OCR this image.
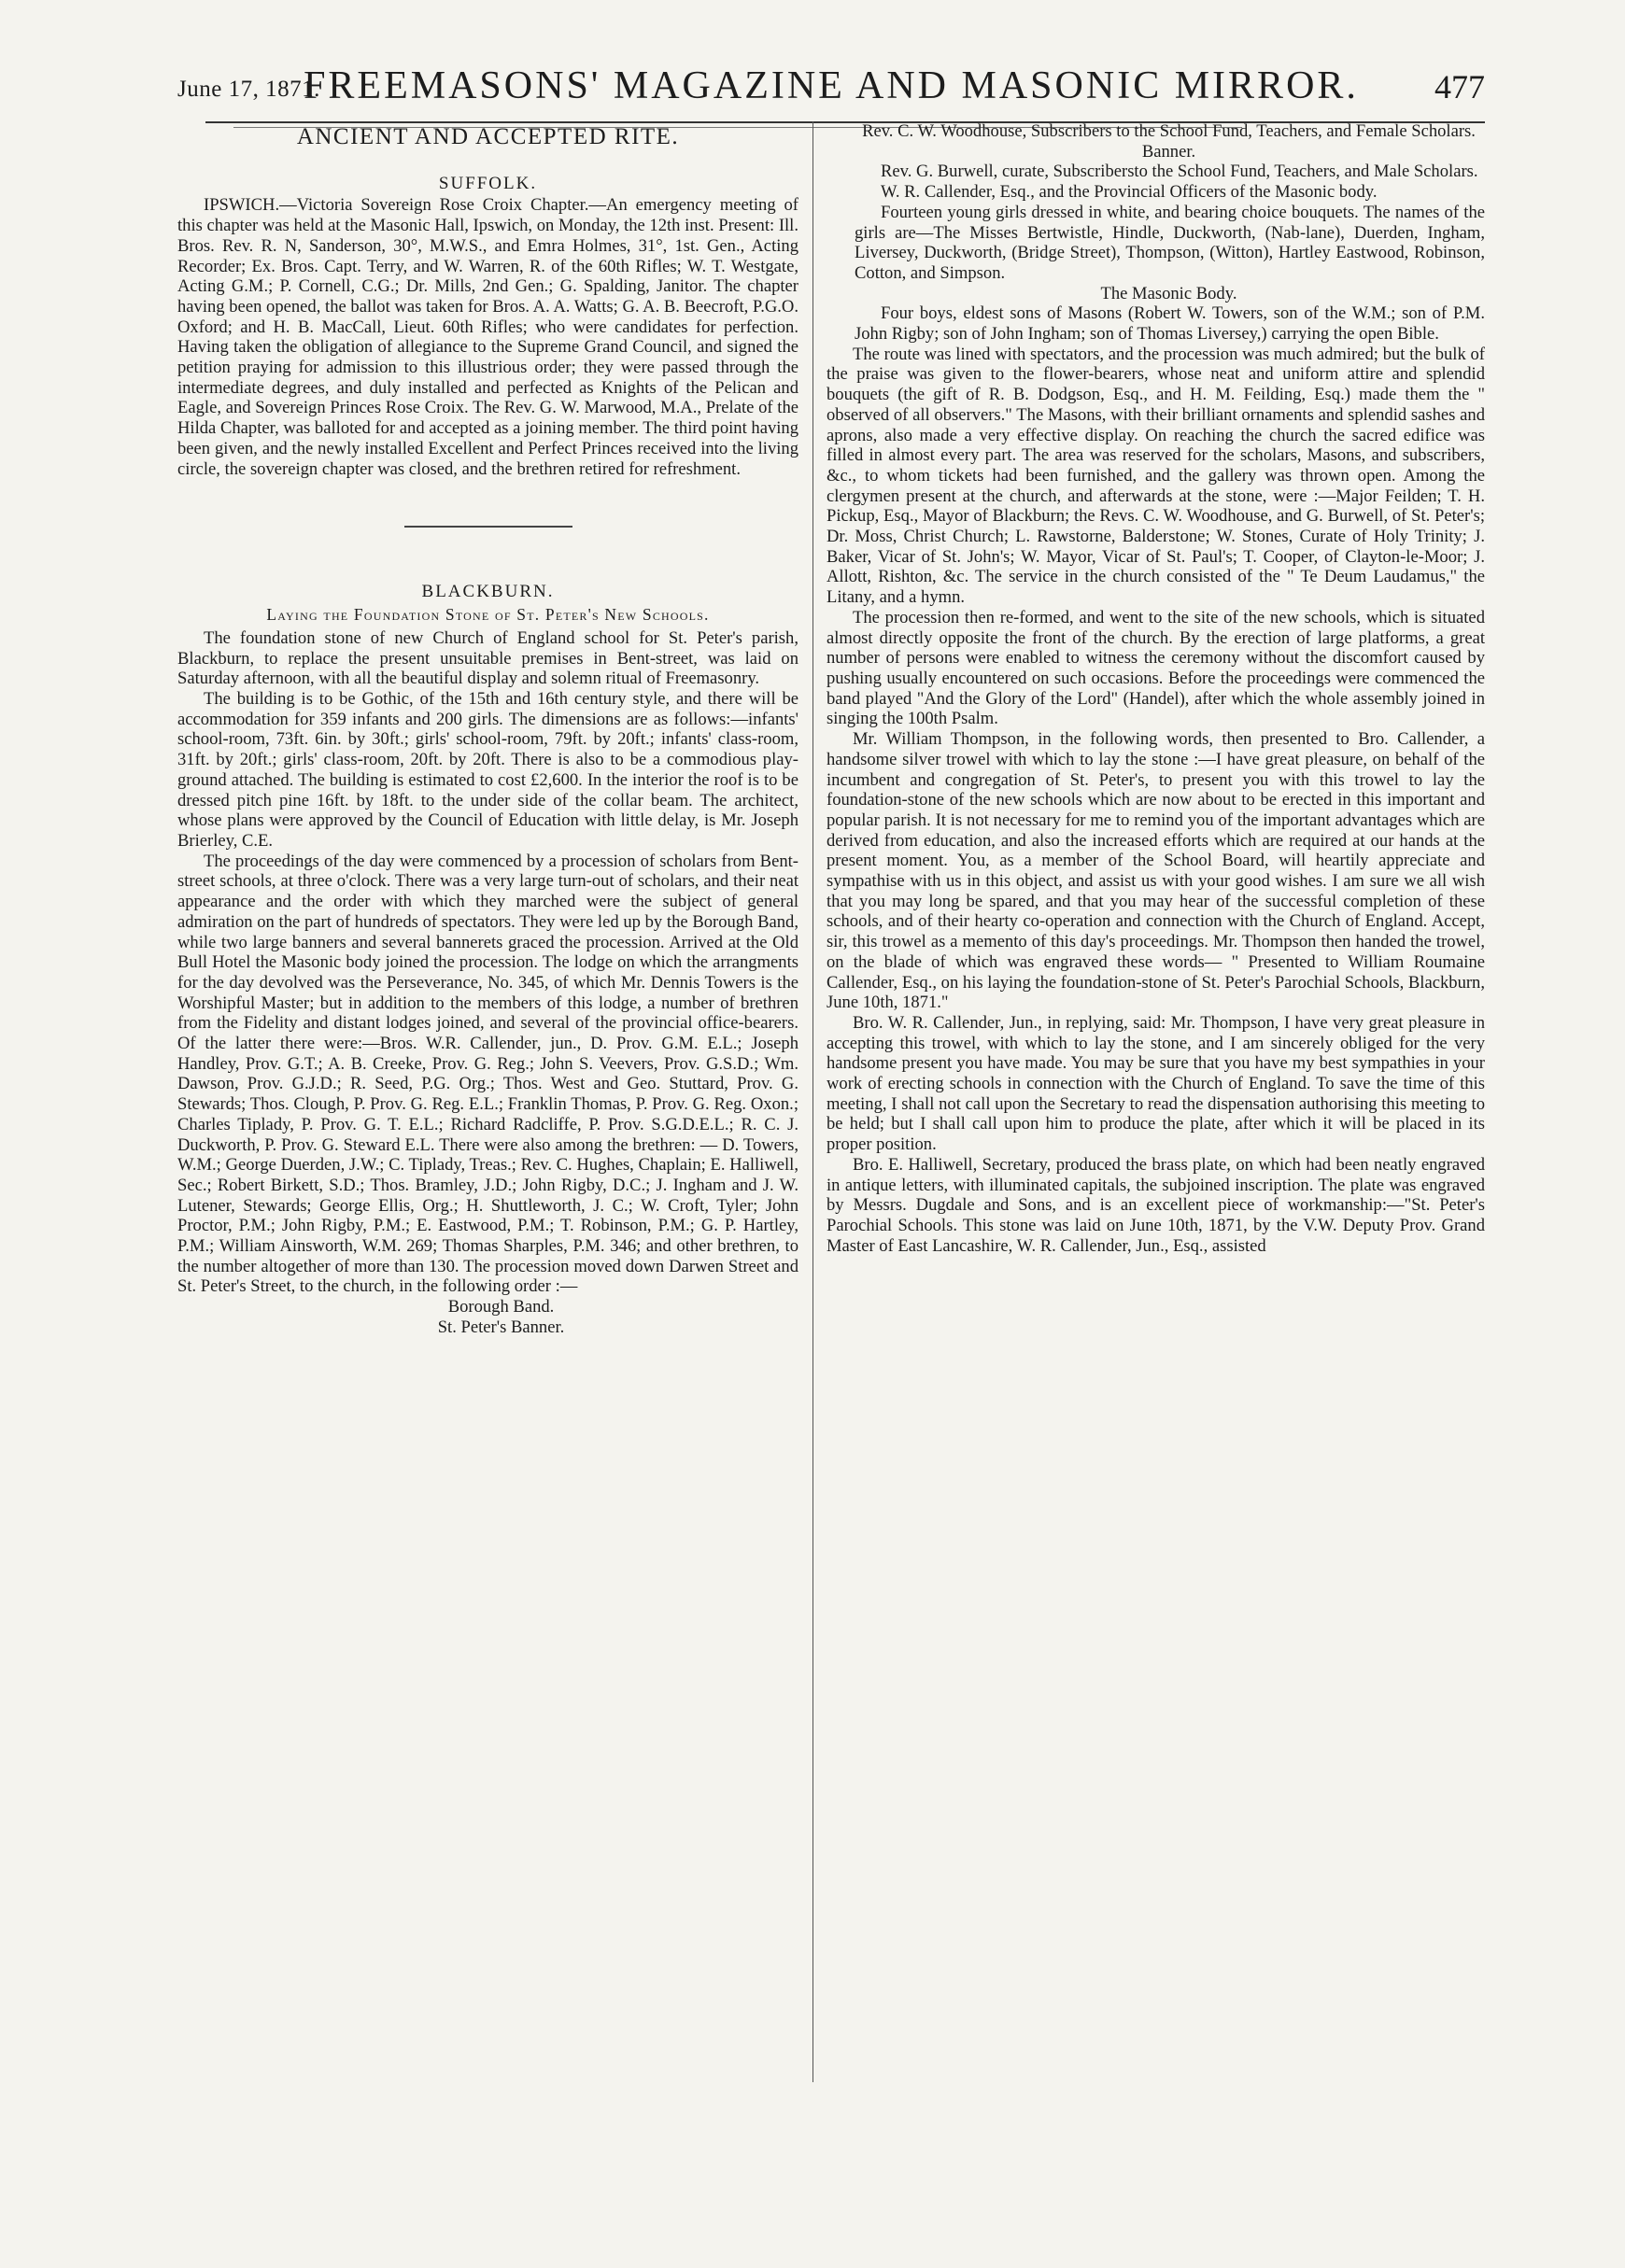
June 17, 1871.
FREEMASONS' MAGAZINE AND MASONIC MIRROR.	477
ANCIENT AND ACCEPTED RITE.
SUFFOLK.

IPSWICH.—Victoria Sovereign Rose Croix Chapter.—An emergency meeting of this chapter was held at the Masonic Hall, Ipswich, on Monday, the 12th inst. Present: Ill. Bros. Rev. R. N, Sanderson, 30°, M.W.S., and Emra Holmes, 31°, 1st. Gen., Acting Recorder; Ex. Bros. Capt. Terry, and W. Warren, R. of the 60th Rifles; W. T. Westgate, Acting G.M.; P. Cornell, C.G.; Dr. Mills, 2nd Gen.; G. Spalding, Janitor. The chapter having been opened, the ballot was taken for Bros. A. A. Watts; G. A. B. Beecroft, P.G.O. Oxford; and H. B. MacCall, Lieut. 60th Rifles; who were candidates for perfection. Having taken the obligation of allegiance to the Supreme Grand Council, and signed the petition praying for admission to this illustrious order; they were passed through the intermediate degrees, and duly installed and perfected as Knights of the Pelican and Eagle, and Sovereign Princes Rose Croix. The Rev. G. W. Marwood, M.A., Prelate of the Hilda Chapter, was balloted for and accepted as a joining member. The third point having been given, and the newly installed Excellent and Perfect Princes received into the living circle, the sovereign chapter was closed, and the brethren retired for refreshment.

BLACKBURN.
Laying the Foundation Stone of St. Peter's New Schools.

The foundation stone of new Church of England school for St. Peter's parish, Blackburn, to replace the present unsuitable premises in Bent-street, was laid on Saturday afternoon, with all the beautiful display and solemn ritual of Freemasonry.

The building is to be Gothic, of the 15th and 16th century style, and there will be accommodation for 359 infants and 200 girls. The dimensions are as follows:—infants' school-room, 73ft. 6in. by 30ft.; girls' school-room, 79ft. by 20ft.; infants' class-room, 31ft. by 20ft.; girls' class-room, 20ft. by 20ft. There is also to be a commodious play-ground attached. The building is estimated to cost £2,600. In the interior the roof is to be dressed pitch pine 16ft. by 18ft. to the under side of the collar beam. The architect, whose plans were approved by the Council of Education with little delay, is Mr. Joseph Brierley, C.E.

The proceedings of the day were commenced by a procession of scholars from Bent-street schools, at three o'clock. There was a very large turn-out of scholars, and their neat appearance and the order with which they marched were the subject of general admiration on the part of hundreds of spectators. They were led up by the Borough Band, while two large banners and several bannerets graced the procession. Arrived at the Old Bull Hotel the Masonic body joined the procession. The lodge on which the arrangments for the day devolved was the Perseverance, No. 345, of which Mr. Dennis Towers is the Worshipful Master; but in addition to the members of this lodge, a number of brethren from the Fidelity and distant lodges joined, and several of the provincial office-bearers. Of the latter there were:—Bros. W.R. Callender, jun., D. Prov. G.M. E.L.; Joseph Handley, Prov. G.T.; A. B. Creeke, Prov. G. Reg.; John S. Veevers, Prov. G.S.D.; Wm. Dawson, Prov. G.J.D.; R. Seed, P.G. Org.; Thos. West and Geo. Stuttard, Prov. G. Stewards; Thos. Clough, P. Prov. G. Reg. E.L.; Franklin Thomas, P. Prov. G. Reg. Oxon.; Charles Tiplady, P. Prov. G. T. E.L.; Richard Radcliffe, P. Prov. S.G.D.E.L.; R. C. J. Duckworth, P. Prov. G. Steward E.L. There were also among the brethren: — D. Towers, W.M.; George Duerden, J.W.; C. Tiplady, Treas.; Rev. C. Hughes, Chaplain; E. Halliwell, Sec.; Robert Birkett, S.D.; Thos. Bramley, J.D.; John Rigby, D.C.; J. Ingham and J. W. Lutener, Stewards; George Ellis, Org.; H. Shuttleworth, J. C.; W. Croft, Tyler; John Proctor, P.M.; John Rigby, P.M.; E. Eastwood, P.M.; T. Robinson, P.M.; G. P. Hartley, P.M.; William Ainsworth, W.M. 269; Thomas Sharples, P.M. 346; and other brethren, to the number altogether of more than 130. The procession moved down Darwen Street and St. Peter's Street, to the church, in the following order :—

Borough Band.

St. Peter's Banner.

Rev. C. W. Woodhouse, Subscribers to the School Fund, Teachers, and Female Scholars.

Banner.

Rev. G. Burwell, curate, Subscribersto the School Fund, Teachers, and Male Scholars.

W. R. Callender, Esq., and the Provincial Officers of the Masonic body.

Fourteen young girls dressed in white, and bearing choice bouquets. The names of the girls are—The Misses Bertwistle, Hindle, Duckworth, (Nab-lane), Duerden, Ingham, Liversey, Duckworth, (Bridge Street), Thompson, (Witton), Hartley Eastwood, Robinson, Cotton, and Simpson.

The Masonic Body.

Four boys, eldest sons of Masons (Robert W. Towers, son of the W.M.; son of P.M. John Rigby; son of John Ingham; son of Thomas Liversey,) carrying the open Bible.

The route was lined with spectators, and the procession was much admired; but the bulk of the praise was given to the flower-bearers, whose neat and uniform attire and splendid bouquets (the gift of R. B. Dodgson, Esq., and H. M. Feilding, Esq.) made them the " observed of all observers." The Masons, with their brilliant ornaments and splendid sashes and aprons, also made a very effective display. On reaching the church the sacred edifice was filled in almost every part. The area was reserved for the scholars, Masons, and subscribers, &c., to whom tickets had been furnished, and the gallery was thrown open. Among the clergymen present at the church, and afterwards at the stone, were :—Major Feilden; T. H. Pickup, Esq., Mayor of Blackburn; the Revs. C. W. Woodhouse, and G. Burwell, of St. Peter's; Dr. Moss, Christ Church; L. Rawstorne, Balderstone; W. Stones, Curate of Holy Trinity; J. Baker, Vicar of St. John's; W. Mayor, Vicar of St. Paul's; T. Cooper, of Clayton-le-Moor; J. Allott, Rishton, &c. The service in the church consisted of the " Te Deum Laudamus," the Litany, and a hymn.

The procession then re-formed, and went to the site of the new schools, which is situated almost directly opposite the front of the church. By the erection of large platforms, a great number of persons were enabled to witness the ceremony without the discomfort caused by pushing usually encountered on such occasions. Before the proceedings were commenced the band played "And the Glory of the Lord" (Handel), after which the whole assembly joined in singing the 100th Psalm.

Mr. William Thompson, in the following words, then presented to Bro. Callender, a handsome silver trowel with which to lay the stone :—I have great pleasure, on behalf of the incumbent and congregation of St. Peter's, to present you with this trowel to lay the foundation-stone of the new schools which are now about to be erected in this important and popular parish. It is not necessary for me to remind you of the important advantages which are derived from education, and also the increased efforts which are required at our hands at the present moment. You, as a member of the School Board, will heartily appreciate and sympathise with us in this object, and assist us with your good wishes. I am sure we all wish that you may long be spared, and that you may hear of the successful completion of these schools, and of their hearty co-operation and connection with the Church of England. Accept, sir, this trowel as a memento of this day's proceedings. Mr. Thompson then handed the trowel, on the blade of which was engraved these words— " Presented to William Roumaine Callender, Esq., on his laying the foundation-stone of St. Peter's Parochial Schools, Blackburn, June 10th, 1871."

Bro. W. R. Callender, Jun., in replying, said: Mr. Thompson, I have very great pleasure in accepting this trowel, with which to lay the stone, and I am sincerely obliged for the very handsome present you have made. You may be sure that you have my best sympathies in your work of erecting schools in connection with the Church of England. To save the time of this meeting, I shall not call upon the Secretary to read the dispensation authorising this meeting to be held; but I shall call upon him to produce the plate, after which it will be placed in its proper position.

Bro. E. Halliwell, Secretary, produced the brass plate, on which had been neatly engraved in antique letters, with illuminated capitals, the subjoined inscription. The plate was engraved by Messrs. Dugdale and Sons, and is an excellent piece of workmanship:—"St. Peter's Parochial Schools. This stone was laid on June 10th, 1871, by the V.W. Deputy Prov. Grand Master of East Lancashire, W. R. Callender, Jun., Esq., assisted
